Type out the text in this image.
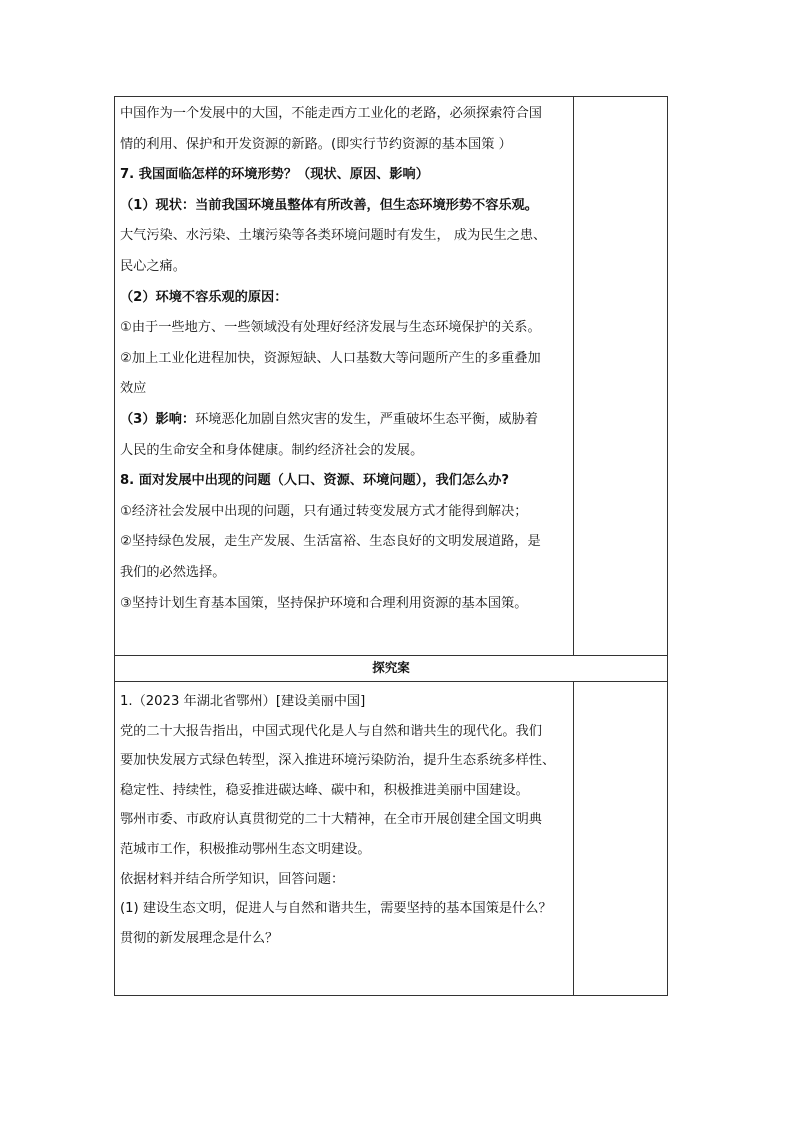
中国作为一个发展中的大国，不能走西方工业化的老路，必须探索符合国

情的利用、保护和开发资源的新路。(即实行节约资源的基本国策 ）

7. 我国面临怎样的环境形势？（现状、原因、影响）

（1）现状：当前我国环境虽整体有所改善，但生态环境形势不容乐观。

大气污染、水污染、土壤污染等各类环境问题时有发生， 成为民生之患、

民心之痛。

（2）环境不容乐观的原因：

①由于一些地方、一些领域没有处理好经济发展与生态环境保护的关系。

②加上工业化进程加快，资源短缺、人口基数大等问题所产生的多重叠加

效应

（3）影响：环境恶化加剧自然灾害的发生，严重破坏生态平衡，威胁着

人民的生命安全和身体健康。制约经济社会的发展。

8. 面对发展中出现的问题（人口、资源、环境问题），我们怎么办?

①经济社会发展中出现的问题，只有通过转变发展方式才能得到解决；

②坚持绿色发展，走生产发展、生活富裕、生态良好的文明发展道路，是

我们的必然选择。

③坚持计划生育基本国策，坚持保护环境和合理利用资源的基本国策。

探究案

1.（2023 年湖北省鄂州）[建设美丽中国]

党的二十大报告指出，中国式现代化是人与自然和谐共生的现代化。我们

要加快发展方式绿色转型，深入推进环境污染防治，提升生态系统多样性、

稳定性、持续性，稳妥推进碳达峰、碳中和，积极推进美丽中国建设。

鄂州市委、市政府认真贯彻党的二十大精神，在全市开展创建全国文明典

范城市工作，积极推动鄂州生态文明建设。

依据材料并结合所学知识，回答问题：

(1) 建设生态文明，促进人与自然和谐共生，需要坚持的基本国策是什么？

贯彻的新发展理念是什么？
